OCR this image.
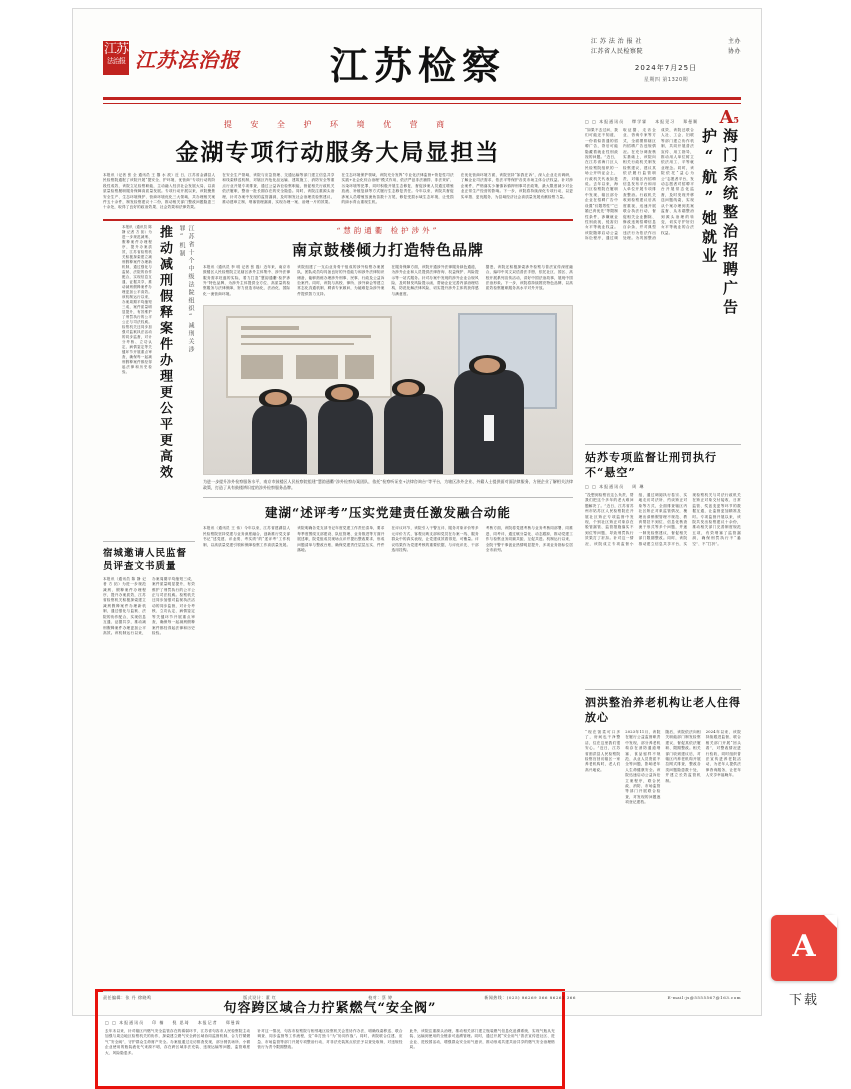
江苏
法治报 江苏法治报	江苏检察
江 苏 法 治 报 社	主办
江苏省人民检察院	协办
2024年7月25日
星期四 第1320期
A5
提 安 全 护 环 境 优 营 商
金湖专项行动服务大局显担当
本报讯（记者 张 全 通讯员 王 馨 水 波）近 日，江苏省金湖县人民检察院通报了该院开展“提安全、护环境、优营商”专项行动的阶段性成效，该院立足检察职能，主动融入经济社会发展大局，以高质量检察履职服务保障高质量发展。专项行动开展以来，该院聚焦安全生产、生态环境保护、营商环境优化三大领域，共办理相关案件五十余件，制发检察建议十二份，推动相关部门整改问题隐患三十余处，取得了良好的政治效果、社会效果和法律效果。
在安全生产领域，该院与应急管理、交通运输等部门建立信息共享和线索移送机制，对辖区内危化品运输、建筑施工、消防安全等重点行业开展专项排查，通过公益诉讼检察职能，督促相关行政机关依法履职，整治一批长期存在的安全隐患。同时，该院注重源头治理，针对办案中发现的监管漏洞，及时制发社会治理类检察建议，推动建章立制，堵塞管理漏洞，实现办理一案、治理一片的效果。
在生态环境保护领域，该院充分发挥“专业化法律监督+恢复性司法实践+社会化综合治理”模式作用，依法严惩非法捕捞、非法采矿、污染环境等犯罪，同时积极开展生态修复，督促涉案人员通过增殖放流、补植复绿等方式履行生态修复责任。今年以来，该院共督促涉案人员增殖放流鱼苗数十万尾，修复受损水域生态环境，让受损的绿水青山重现生机。
在优化营商环境方面，该院坚持“如我在诉”，深入企业走访调研，了解企业司法需求，依法平等保护各类市场主体合法权益。针对涉企案件，严格落实少捕慎诉慎押刑事司法政策，最大限度减少对企业正常生产经营的影响。下一步，该院将持续深化专项行动，以更实举措、更优服务，为县域经济社会高质量发展贡献检察力量。
本报讯（通讯员 陈 静 记者 方 拓）为进一步规范减刑、假释案件办理程序，提升办案质效，江苏省检察机关积极探索建立减刑假释案件办理新机制，通过强化与监狱、法院的协作配合，实现信息互通、证据共享，推动减刑假释案件办理更加公平高效。该机制运行以来，办案周期平均缩短三成，案件质量明显提升，有效维护了刑罚执行的公平公正与司法权威。检察机关还同步加强对监狱执法活动的同步监督，对计分考核、立功认定、病情鉴定等关键环节开展重点审查，确保每一起减刑假释案件都经得起法律和历史检验。	推动减刑假释案件办理更公平更高效	江苏省十个中级法院组织“减刑关涉罪”机制
宿城邀请人民监督员评查文书质量
本报讯（通讯员 陈 静 记者 方 拓）为进一步规范减刑、假释案件办理程序，提升办案质效，江苏省检察机关积极探索建立减刑假释案件办理新机制，通过强化与监狱、法院的协作配合，实现信息互通、证据共享，推动减刑假释案件办理更加公平高效。该机制运行以来，办案周期平均缩短三成，案件质量明显提升，有效维护了刑罚执行的公平公正与司法权威。检察机关还同步加强对监狱执法活动的同步监督，对计分考核、立功认定、病情鉴定等关键环节开展重点审查，确保每一起减刑假释案件都经得起法律和历史检验。
“慧韵通衢 检护涉外”
南京鼓楼倾力打造特色品牌
本报讯（通讯员 李 明 记者 张 磊）近年来，南京市鼓楼区人民检察院立足辖区涉外主体集中、涉外法律服务需求旺盛的实际，着力打造“慧韵通衢·检护涉外”特色品牌，为涉外主体提供全方位、高质量的检察服务与法律保障，努力营造市场化、法治化、国际化一流营商环境。
该院组建了一支由业务骨干组成的涉外检察办案团队，团队成员均具备良好的外语能力和涉外法律知识储备，能够熟练办理涉外刑事、民事、行政及公益诉讼案件。同时，该院与高校、律所、涉外商会等建立常态化沟通机制，聘请专家顾问，为疑难复杂涉外案件提供智力支持。
在服务保障方面，该院开通涉外法律服务绿色通道，为涉外企业和人员提供法律咨询、权益保护、风险提示等一站式服务。针对办案中发现的涉外企业合规风险，及时制发风险提示函，帮助企业完善内部治理结构，防范化解法律风险，切实提升涉外主体的获得感与满意度。
据悉，该院还积极探索涉外检察与普法宣传深度融合，编印中英文双语普法手册，依托社区、园区、高校开展系列宣传活动，讲好中国法治故事，展现中国法治形象。下一步，该院将持续擦亮特色品牌，以高质效检察履职服务高水平对外开放。
为进一步提升涉外检察服务水平，南京市鼓楼区人民检察院组建“慧韵通衢”涉外检察办案团队，依托“检察听证室+法律咨询台”等平台，为辖区涉外企业、外籍人士提供面对面法律服务，方便企业了解相关法律政策，打造了具有鼓楼辨识度的涉外检察服务品牌。
建湖“述评考”压实党建责任激发融合动能
本报讯（通讯员 王 伟）今年以来，江苏省建湖县人民检察院坚持党建与业务深度融合，创新推行党支部书记“述党建、评业绩、考实绩”的“述评考”工作机制，以高质量党建引领和保障检察工作高质量发展。
该院明确各党支部书记年度党建工作责任清单，要求每季度围绕支部建设、队伍管理、业务推进等方面开展述职，院党组成员现场点评并提出整改要求，形成问题清单与整改台账，确保党建责任层层压实、件件落地。
在评议环节，该院引入干警互评、服务对象评价等多元评价方式，客观反映支部和党员在办案一线、服务群众中的真实表现，让党建成效看得见、可衡量。评议结果作为党建考核的重要依据，与评优评先、干部选用挂钩。
考核方面，该院将党建考核与业务考核同部署、同推进、同考评，通过赋分量化、动态跟踪，推动党建工作与检察业务同频共振、互促共进。机制运行以来，全院干警干事创业热情明显提升，多项业务指标位居全市前列。
□ □ 本报通讯员 缪学霖 本报见习 郑曼顺
“如果不去过问，我们可能还不知道，一份看似普通的招聘广告，背后可能隐藏着就业性别歧视的问题。”近日，在江苏省海门区人民检察院组织的一场公开听证会上，行政机关代表如是说。去年以来，海门区检察院在履职中发现，辖区部分企业在招聘广告中设置“仅限男性”“已婚已育优先”等限制性条件，涉嫌就业性别歧视，侵害妇女平等就业权益。该院随即启动公益诉讼程序，通过调取证据、走访企业、咨询专家等方式，全面摸排辖区内招聘广告违规情况。在充分调查核实基础上，该院向相关行政机关制发检察建议，建议其依法履行监管职责，对辖区内招聘信息发布平台和用人单位开展专项排查整治。行政机关收到检察建议后高度重视，迅速开展联合执法行动，督促相关企业删除、修改违规招聘信息百余条，并对典型违法行为依法作出处理。为巩固整治成效，该院还联合人社、工会、妇联等部门建立协作机制，共同开展普法宣传、用工指导，推动用人单位树立依法用工、平等就业理念。同时，该院依托“益心为公”志愿者平台，发动志愿者对招聘平台开展常态化监督，及时发现并移送问题线索，实现从个案办理到类案监督、从末端整治到源头治理的转变，切实守护好妇女平等就业的合法权益。	海门系统整治招聘广告护“航”她就业
姑苏专项监督让刑罚执行不“悬空”
□ □ 本报通讯员 周 琳
“没想到检察官这么负责，帮我们把这个多年的老大难问题解决了。”近日，江苏省苏州市姑苏区人民检察院在开展社区矫正专项监督中发现，个别社区矫正对象存在脱管漏管、监管措施落实不到位等问题，导致刑罚执行效果打了折扣。针对这一情况，该院成立专项监督小组，通过调阅执行卷宗、实地走访司法所、约谈矫正对象等方式，全面排查辖区内社区矫正对象监管情况，梳理出请销假管理不规范、教育帮扶不到位、信息化核查流于形式等多个问题，并逐一制发检察建议，督促相关部门限期整改。同时，该院推动建立信息共享平台，实现检察机关与司法行政机关在矫正对象交付接收、日常监管、奖惩变更等环节的数据互通，让监督更加精准及时。专项监督开展以来，该院共发出检察建议十余份，推动相关部门完善制度规范五项，有效堵塞了监管漏洞，确保刑罚执行不“悬空”、不“打折”。
泗洪整治养老机构让老人住得放心
“现在饭菜可口多了，房间也干净整洁，住在这里我们很安心。”近日，江苏省泗洪县人民检察院检察官回访辖区一家养老机构时，老人们高兴地说。
2023年11月，该院在履行公益监督职责中发现，部分养老机构存在消防通道堵塞、食品留样不规范、从业人员资质不全等问题，影响老年人生命健康安全。该院迅速启动公益诉讼立案程序，联合民政、消防、市场监管等部门开展联合检查，对发现的问题逐项登记建档。
随后，该院依法向相关职能部门制发检察建议，督促其依法履职、限期整改。相关部门收到建议后，对辖区内养老机构开展拉网式排查，整改各类问题隐患数十处，并建立长效监管机制。
2024年以来，该院持续跟进监督，联合相关部门开展“回头看”，对整改情况进行验收，同时组织普法宣传进养老院活动，为老年人提供法律咨询服务，让老年人安享幸福晚年。
句容跨区域合力拧紧燃气“安全阀”
□ □ 本报通讯员 印 楠 倪 思琦 本报记者 郑曼霖
去年末以来，针对辖区内燃气安全监管存在的薄弱环节，江苏省句容市人民检察院主动加强与周边地区检察机关的协作，探索建立燃气安全跨区域协同监督机制，合力拧紧燃气“安全阀”，守护群众生命财产安全。办案组通过走访排查发现，部分餐饮场所、小微企业使用的瓶装液化气来源不明，存在跨区域非法充装、违规运输等问题，监管难度大、风险隐患多。
针对这一情况，句容市检察院与相邻地区检察机关会签协作办法，明确线索移送、联合调查、同步监督等工作流程，变“单打独斗”为“协同作战”。同时，该院联合住建、应急、市场监管等部门开展专项整治行动，对非法充装窝点依法予以查处取缔，对违规经营行为责令限期整改。
此外，该院注重源头治理，推动相关部门建立瓶装燃气信息化追溯系统，实现气瓶从充装、运输到使用的全链条可追溯管理。同时，通过开展“安全用气”普法宣传进社区、进企业、进校园活动，增强群众安全用气意识，推动形成共建共治共享的燃气安全治理格局。
责任编辑：张 丹 徐晓鸣	版式设计：董 红	校对：蔡 婷	新闻热线：(025) 86269 566 86261 366	E-mail:js@5555567@163.com
A
下载
